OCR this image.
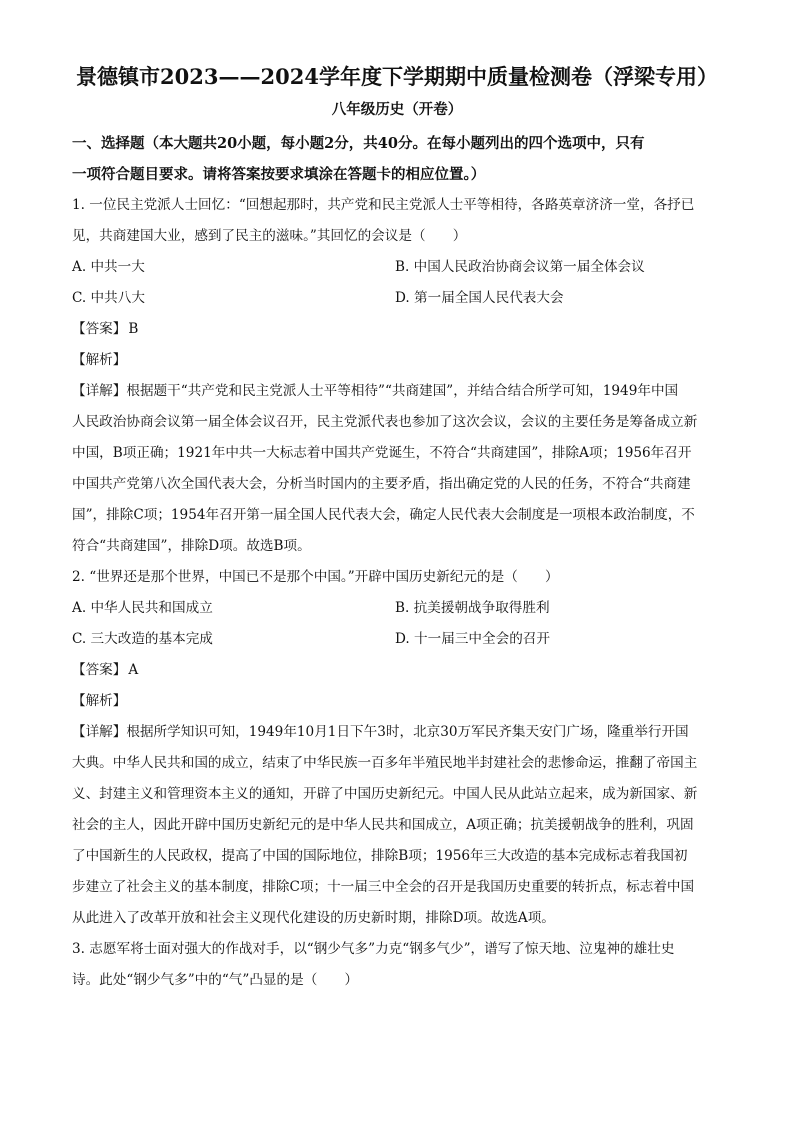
景德镇市2023——2024学年度下学期期中质量检测卷（浮梁专用）
八年级历史（开卷）

一、选择题（本大题共20小题，每小题2分，共40分。在每小题列出的四个选项中，只有

一项符合题目要求。请将答案按要求填涂在答题卡的相应位置。）

1. 一位民主党派人士回忆：“回想起那时，共产党和民主党派人士平等相待，各路英章济济一堂，各抒已

见，共商建国大业，感到了民主的滋味。”其回忆的会议是（　　）

A. 中共一大	B. 中国人民政治协商会议第一届全体会议
C. 中共八大	D. 第一届全国人民代表大会

【答案】 B

【解析】

【详解】根据题干“共产党和民主党派人士平等相待”“共商建国”，并结合结合所学可知，1949年中国

人民政治协商会议第一届全体会议召开，民主党派代表也参加了这次会议，会议的主要任务是筹备成立新

中国，B项正确；1921年中共一大标志着中国共产党诞生，不符合“共商建国”，排除A项；1956年召开

中国共产党第八次全国代表大会，分析当时国内的主要矛盾，指出确定党的人民的任务，不符合“共商建

国”，排除C项；1954年召开第一届全国人民代表大会，确定人民代表大会制度是一项根本政治制度，不

符合“共商建国”，排除D项。故选B项。

2. “世界还是那个世界，中国已不是那个中国。”开辟中国历史新纪元的是（　　）

A. 中华人民共和国成立	B. 抗美援朝战争取得胜利
C. 三大改造的基本完成	D. 十一届三中全会的召开

【答案】 A

【解析】

【详解】根据所学知识可知，1949年10月1日下午3时，北京30万军民齐集天安门广场，隆重举行开国

大典。中华人民共和国的成立，结束了中华民族一百多年半殖民地半封建社会的悲惨命运，推翻了帝国主

义、封建主义和管理资本主义的通知，开辟了中国历史新纪元。中国人民从此站立起来，成为新国家、新

社会的主人，因此开辟中国历史新纪元的是中华人民共和国成立，A项正确；抗美援朝战争的胜利，巩固

了中国新生的人民政权，提高了中国的国际地位，排除B项；1956年三大改造的基本完成标志着我国初

步建立了社会主义的基本制度，排除C项；十一届三中全会的召开是我国历史重要的转折点，标志着中国

从此进入了改革开放和社会主义现代化建设的历史新时期，排除D项。故选A项。

3. 志愿军将士面对强大的作战对手，以“钢少气多”力克“钢多气少”，谱写了惊天地、泣鬼神的雄壮史

诗。此处“钢少气多”中的“气”凸显的是（　　）
